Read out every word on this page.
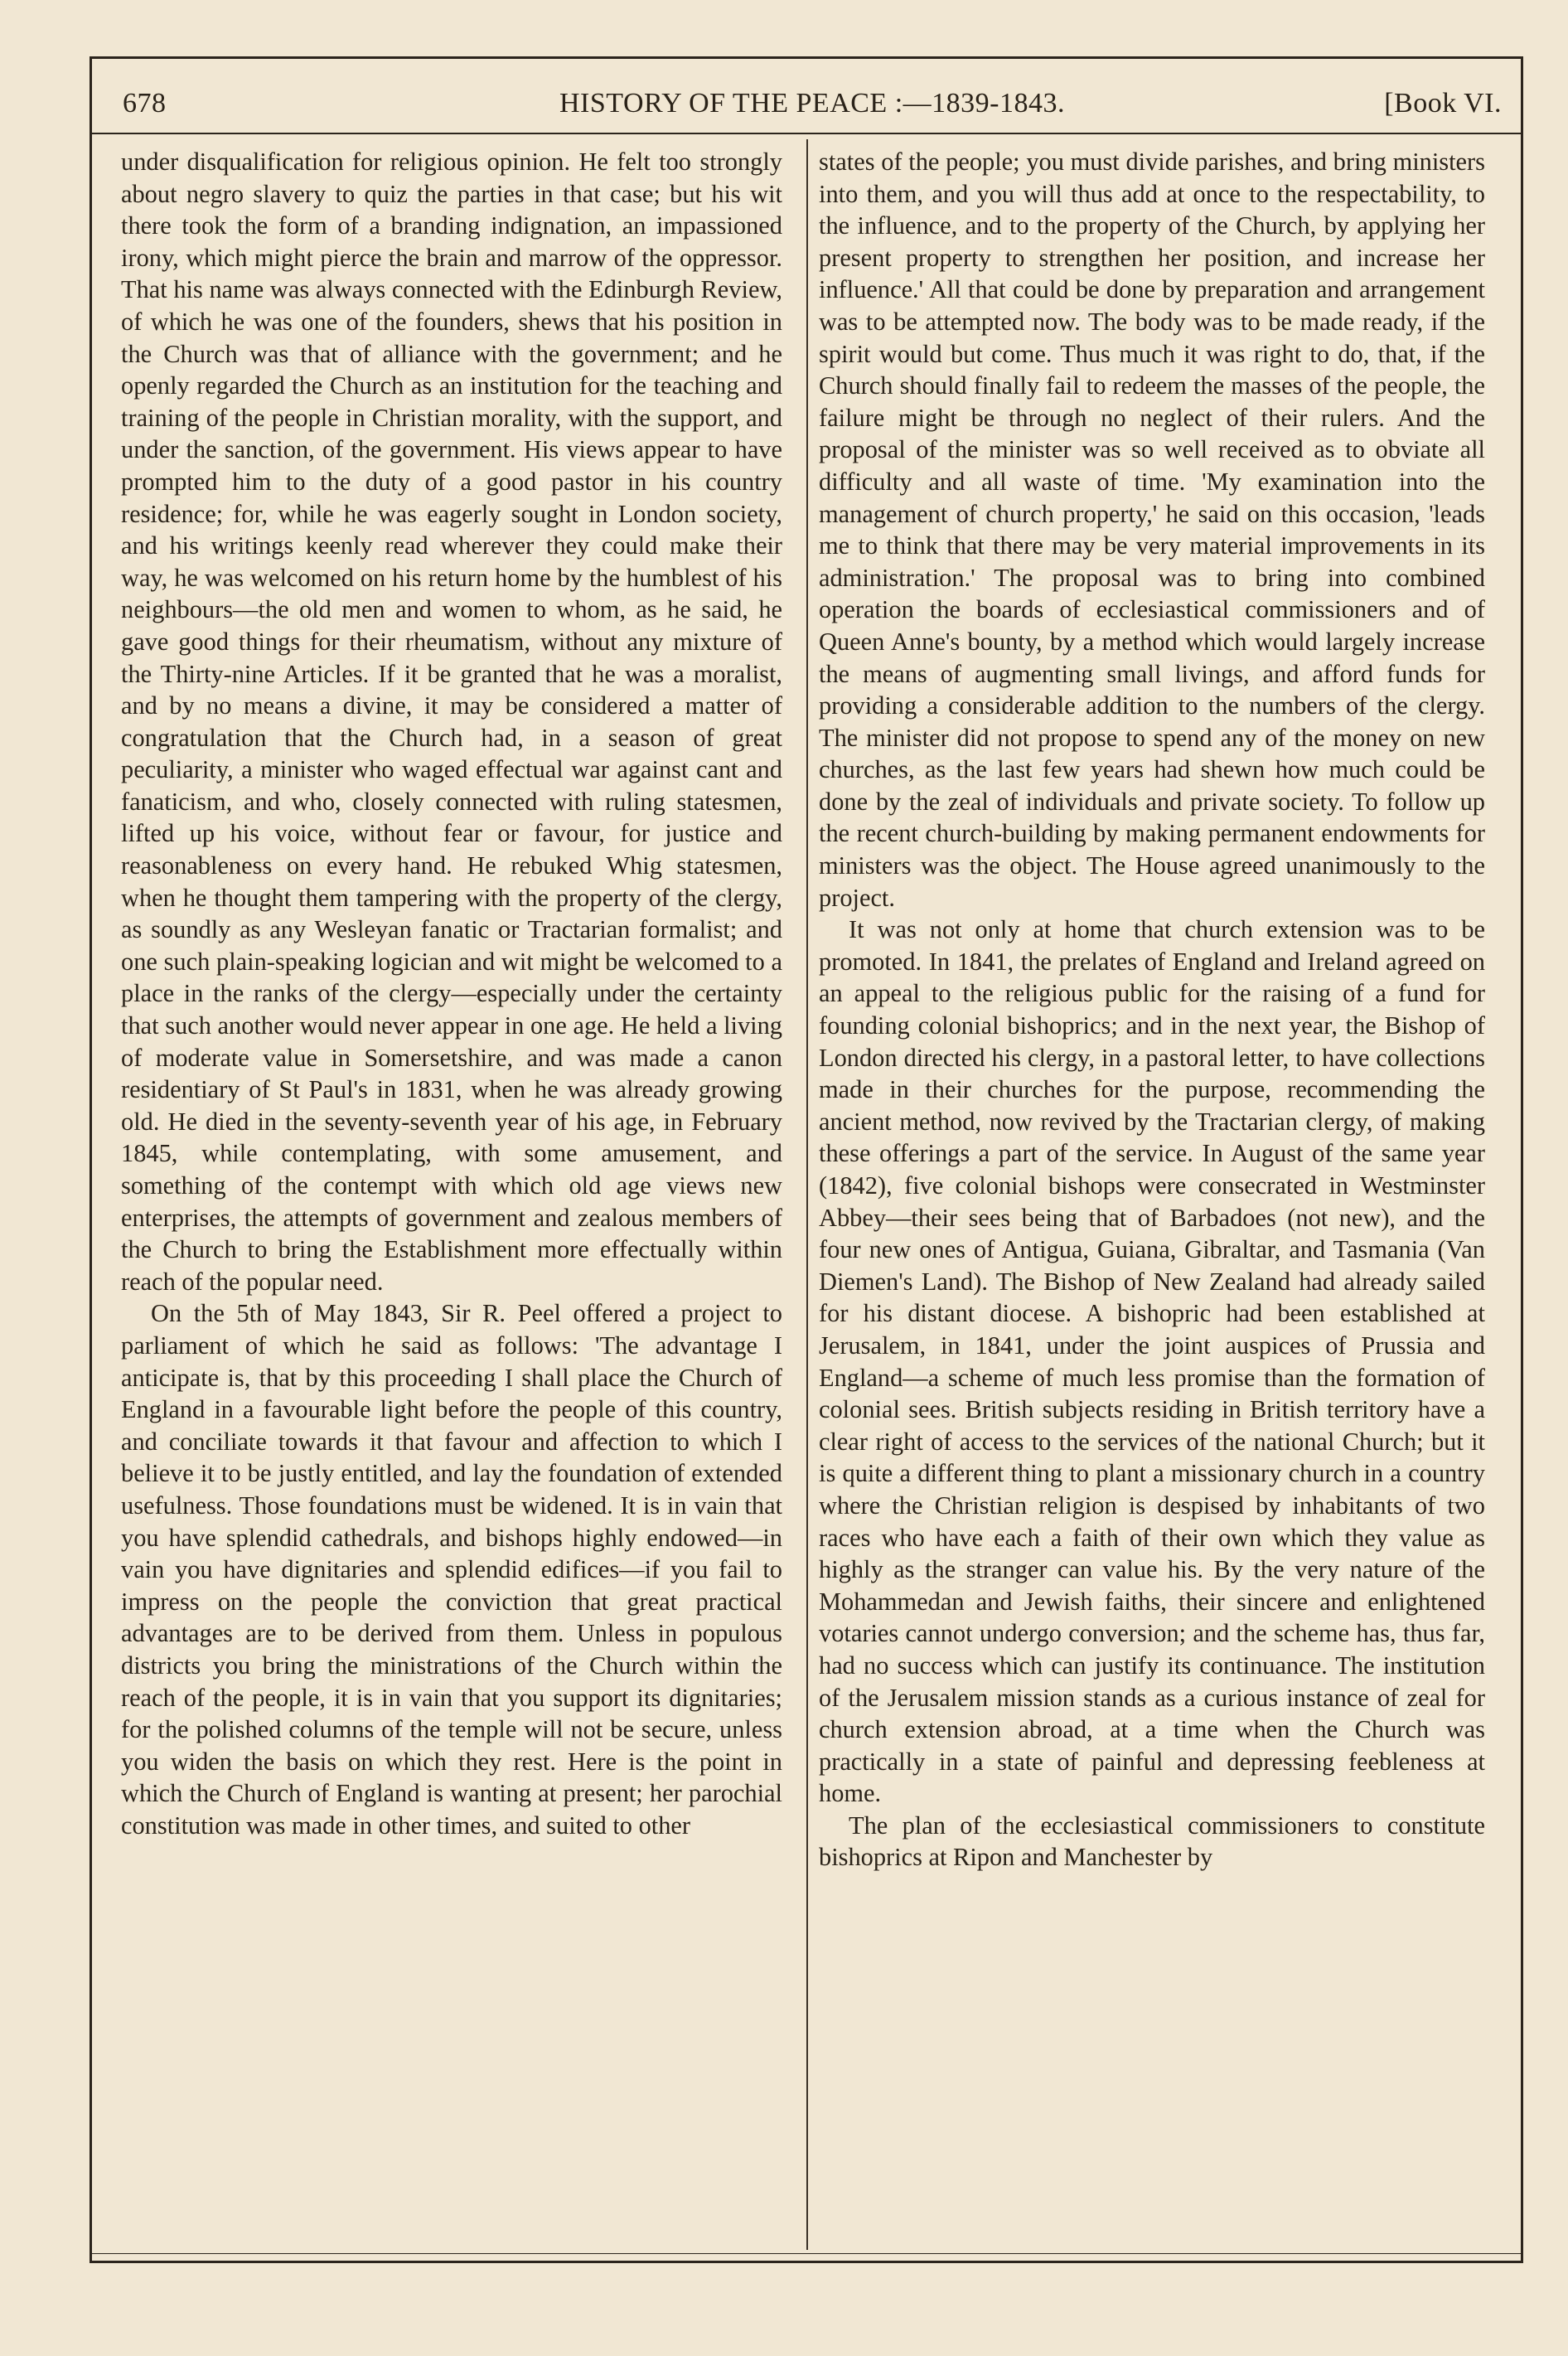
678	HISTORY OF THE PEACE :—1839-1843.	[Book VI.

under disqualification for religious opinion. He felt too strongly about negro slavery to quiz the parties in that case; but his wit there took the form of a branding indignation, an impassioned irony, which might pierce the brain and marrow of the oppressor. That his name was always connected with the Edinburgh Review, of which he was one of the founders, shews that his position in the Church was that of alliance with the government; and he openly regarded the Church as an institution for the teaching and training of the people in Christian morality, with the support, and under the sanction, of the government. His views appear to have prompted him to the duty of a good pastor in his country residence; for, while he was eagerly sought in London society, and his writings keenly read wherever they could make their way, he was welcomed on his return home by the humblest of his neighbours—the old men and women to whom, as he said, he gave good things for their rheumatism, without any mixture of the Thirty-nine Articles. If it be granted that he was a moralist, and by no means a divine, it may be considered a matter of congratulation that the Church had, in a season of great peculiarity, a minister who waged effectual war against cant and fanaticism, and who, closely connected with ruling statesmen, lifted up his voice, without fear or favour, for justice and reasonableness on every hand. He rebuked Whig statesmen, when he thought them tampering with the property of the clergy, as soundly as any Wesleyan fanatic or Tractarian formalist; and one such plain-speaking logician and wit might be welcomed to a place in the ranks of the clergy—especially under the certainty that such another would never appear in one age. He held a living of moderate value in Somersetshire, and was made a canon residentiary of St Paul's in 1831, when he was already growing old. He died in the seventy-seventh year of his age, in February 1845, while contemplating, with some amusement, and something of the contempt with which old age views new enterprises, the attempts of government and zealous members of the Church to bring the Establishment more effectually within reach of the popular need.

On the 5th of May 1843, Sir R. Peel offered a project to parliament of which he said as follows: 'The advantage I anticipate is, that by this proceeding I shall place the Church of England in a favourable light before the people of this country, and conciliate towards it that favour and affection to which I believe it to be justly entitled, and lay the foundation of extended usefulness. Those foundations must be widened. It is in vain that you have splendid cathedrals, and bishops highly endowed—in vain you have dignitaries and splendid edifices—if you fail to impress on the people the conviction that great practical advantages are to be derived from them. Unless in populous districts you bring the ministrations of the Church within the reach of the people, it is in vain that you support its dignitaries; for the polished columns of the temple will not be secure, unless you widen the basis on which they rest. Here is the point in which the Church of England is wanting at present; her parochial constitution was made in other times, and suited to other

states of the people; you must divide parishes, and bring ministers into them, and you will thus add at once to the respectability, to the influence, and to the property of the Church, by applying her present property to strengthen her position, and increase her influence.' All that could be done by preparation and arrangement was to be attempted now. The body was to be made ready, if the spirit would but come. Thus much it was right to do, that, if the Church should finally fail to redeem the masses of the people, the failure might be through no neglect of their rulers. And the proposal of the minister was so well received as to obviate all difficulty and all waste of time. 'My examination into the management of church property,' he said on this occasion, 'leads me to think that there may be very material improvements in its administration.' The proposal was to bring into combined operation the boards of ecclesiastical commissioners and of Queen Anne's bounty, by a method which would largely increase the means of augmenting small livings, and afford funds for providing a considerable addition to the numbers of the clergy. The minister did not propose to spend any of the money on new churches, as the last few years had shewn how much could be done by the zeal of individuals and private society. To follow up the recent church-building by making permanent endowments for ministers was the object. The House agreed unanimously to the project.

It was not only at home that church extension was to be promoted. In 1841, the prelates of England and Ireland agreed on an appeal to the religious public for the raising of a fund for founding colonial bishoprics; and in the next year, the Bishop of London directed his clergy, in a pastoral letter, to have collections made in their churches for the purpose, recommending the ancient method, now revived by the Tractarian clergy, of making these offerings a part of the service. In August of the same year (1842), five colonial bishops were consecrated in Westminster Abbey—their sees being that of Barbadoes (not new), and the four new ones of Antigua, Guiana, Gibraltar, and Tasmania (Van Diemen's Land). The Bishop of New Zealand had already sailed for his distant diocese. A bishopric had been established at Jerusalem, in 1841, under the joint auspices of Prussia and England—a scheme of much less promise than the formation of colonial sees. British subjects residing in British territory have a clear right of access to the services of the national Church; but it is quite a different thing to plant a missionary church in a country where the Christian religion is despised by inhabitants of two races who have each a faith of their own which they value as highly as the stranger can value his. By the very nature of the Mohammedan and Jewish faiths, their sincere and enlightened votaries cannot undergo conversion; and the scheme has, thus far, had no success which can justify its continuance. The institution of the Jerusalem mission stands as a curious instance of zeal for church extension abroad, at a time when the Church was practically in a state of painful and depressing feebleness at home.

The plan of the ecclesiastical commissioners to constitute bishoprics at Ripon and Manchester by
